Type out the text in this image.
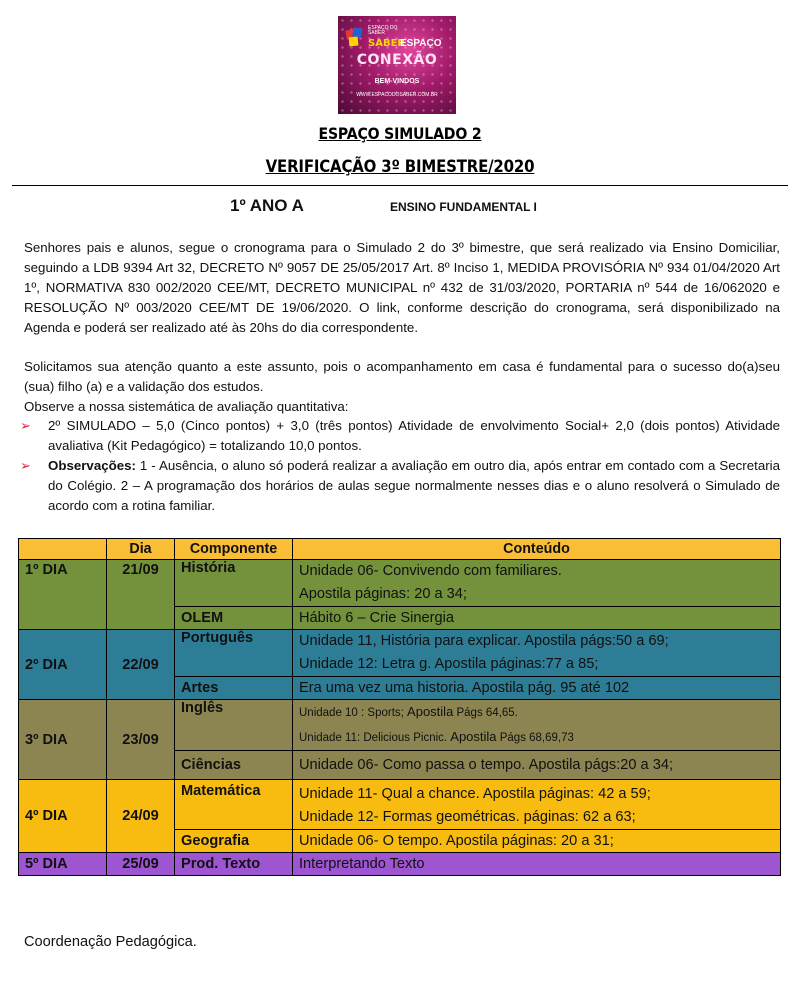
ESPAÇO DO SABER
SABER
ESPAÇO
CONEXÃO
BEM-VINDOS
WWW.ESPACODOSABER.COM.BR
ESPAÇO SIMULADO 2
VERIFICAÇÃO 3º BIMESTRE/2020
1º ANO A	ENSINO FUNDAMENTAL I
Senhores pais e alunos, segue o cronograma para o Simulado 2 do 3º bimestre, que será realizado via Ensino Domiciliar, seguindo a LDB 9394 Art 32, DECRETO Nº 9057 DE 25/05/2017 Art. 8º Inciso 1, MEDIDA PROVISÓRIA Nº 934 01/04/2020 Art 1º, NORMATIVA 830 002/2020 CEE/MT, DECRETO MUNICIPAL nº 432 de 31/03/2020, PORTARIA nº 544 de 16/062020 e RESOLUÇÃO Nº 003/2020 CEE/MT DE 19/06/2020. O link, conforme descrição do cronograma, será disponibilizado na Agenda e poderá ser realizado até às 20hs do dia correspondente.
Solicitamos sua atenção quanto a este assunto, pois o acompanhamento em casa é fundamental para o sucesso do(a)seu (sua) filho (a) e a validação dos estudos.
Observe a nossa sistemática de avaliação quantitativa:
➢	2º SIMULADO – 5,0 (Cinco pontos) + 3,0 (três pontos) Atividade de envolvimento Social+ 2,0 (dois pontos) Atividade avaliativa (Kit Pedagógico) = totalizando 10,0 pontos.
➢	Observações: 1 - Ausência, o aluno só poderá realizar a avaliação em outro dia, após entrar em contado com a Secretaria do Colégio. 2 – A programação dos horários de aulas segue normalmente nesses dias e o aluno resolverá o Simulado de acordo com a rotina familiar.
	Dia	Componente	Conteúdo
1º DIA	21/09	História	Unidade 06- Convivendo com familiares.
Apostila páginas: 20 a 34;
		OLEM	Hábito 6 – Crie Sinergia
2º DIA	22/09	Português	Unidade 11, História para explicar. Apostila págs:50 a 69;
Unidade 12: Letra g. Apostila páginas:77 a 85;
		Artes	Era uma vez uma historia. Apostila pág. 95 até 102
3º DIA	23/09	Inglês	Unidade 10 : Sports; Apostila Págs 64,65.
Unidade 11: Delicious Picnic. Apostila Págs 68,69,73
		Ciências	Unidade 06- Como passa o tempo. Apostila págs:20 a 34;
4º DIA	24/09	Matemática	Unidade 11- Qual a chance. Apostila páginas: 42 a 59;
Unidade 12- Formas geométricas. páginas: 62 a 63;
		Geografia	Unidade 06- O tempo. Apostila páginas: 20 a 31;
5º DIA	25/09	Prod. Texto	Interpretando Texto
Coordenação Pedagógica.
